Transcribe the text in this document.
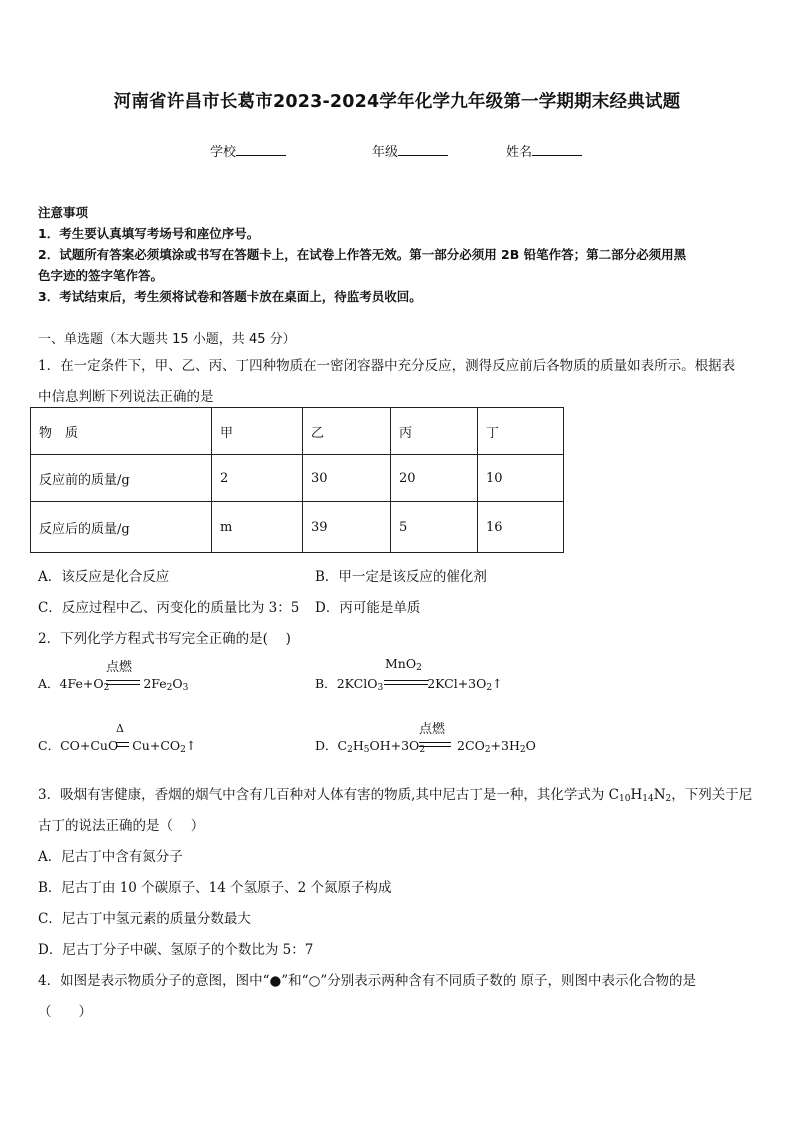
河南省许昌市长葛市2023-2024学年化学九年级第一学期期末经典试题
学校	年级	姓名
注意事项
1．考生要认真填写考场号和座位序号。
2．试题所有答案必须填涂或书写在答题卡上，在试卷上作答无效。第一部分必须用 2B 铅笔作答；第二部分必须用黑
色字迹的签字笔作答。
3．考试结束后，考生须将试卷和答题卡放在桌面上，待监考员收回。
一、单选题（本大题共 15 小题，共 45 分）
1．在一定条件下，甲、乙、丙、丁四种物质在一密闭容器中充分反应，测得反应前后各物质的质量如表所示。根据表
中信息判断下列说法正确的是
物　质	甲	乙	丙	丁
反应前的质量/g	2	30	20	10
反应后的质量/g	m	39	5	16
A．该反应是化合反应	B．甲一定是该反应的催化剂
C．反应过程中乙、丙变化的质量比为 3：5 D．丙可能是单质
2．下列化学方程式书写完全正确的是(　 )
A．$4Fe+O_2$	$2Fe_2O_3$
点燃
B．2KClO$_3$	$2KCl+3O_2↑$
MnO$_2$
C．CO+CuO $Cu+CO_2↑$
Δ
D．$C_2H_5OH+3O_2$	$2CO_2+3H_2O$
点燃
3．吸烟有害健康，香烟的烟气中含有几百种对人体有害的物质,其中尼古丁是一种，其化学式为 $C_{10}H_{14}N_2$，下列关于尼
古丁的说法正确的是（　 ）
A．尼古丁中含有氮分子
B．尼古丁由 10 个碳原子、14 个氢原子、2 个氮原子构成
C．尼古丁中氢元素的质量分数最大
D．尼古丁分子中碳、氢原子的个数比为 5：7
4．如图是表示物质分子的意图，图中“●”和“○”分别表示两种含有不同质子数的 原子，则图中表示化合物的是
（　　）
